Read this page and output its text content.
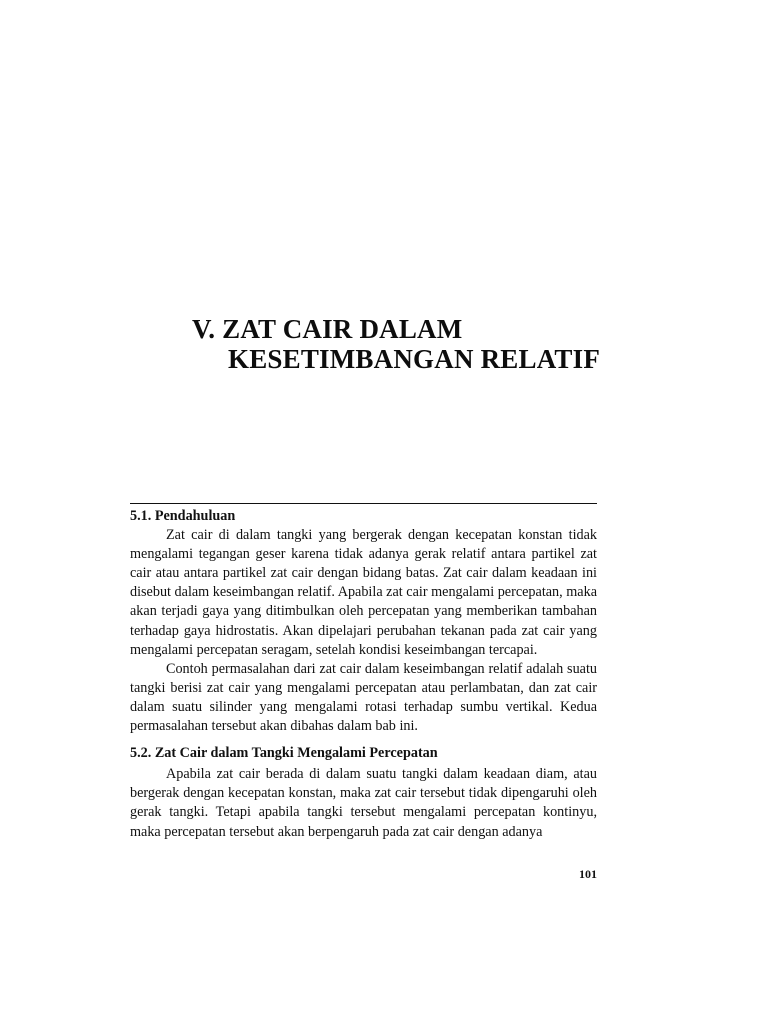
V. ZAT CAIR DALAM
KESETIMBANGAN RELATIF
5.1. Pendahuluan

Zat cair di dalam tangki yang bergerak dengan kecepatan konstan tidak mengalami tegangan geser karena tidak adanya gerak relatif antara partikel zat cair atau antara partikel zat cair dengan bidang batas. Zat cair dalam keadaan ini disebut dalam keseimbangan relatif. Apabila zat cair mengalami percepatan, maka akan terjadi gaya yang ditimbulkan oleh percepatan yang memberikan tambahan terhadap gaya hidrostatis. Akan dipelajari perubahan tekanan pada zat cair yang mengalami percepatan seragam, setelah kondisi keseimbangan tercapai.

Contoh permasalahan dari zat cair dalam keseimbangan relatif adalah suatu tangki berisi zat cair yang mengalami percepatan atau perlambatan, dan zat cair dalam suatu silinder yang mengalami rotasi terhadap sumbu vertikal. Kedua permasalahan tersebut akan dibahas dalam bab ini.

5.2. Zat Cair dalam Tangki Mengalami Percepatan

Apabila zat cair berada di dalam suatu tangki dalam keadaan diam, atau bergerak dengan kecepatan konstan, maka zat cair tersebut tidak dipengaruhi oleh gerak tangki. Tetapi apabila tangki tersebut mengalami percepatan kontinyu, maka percepatan tersebut akan berpengaruh pada zat cair dengan adanya

101
